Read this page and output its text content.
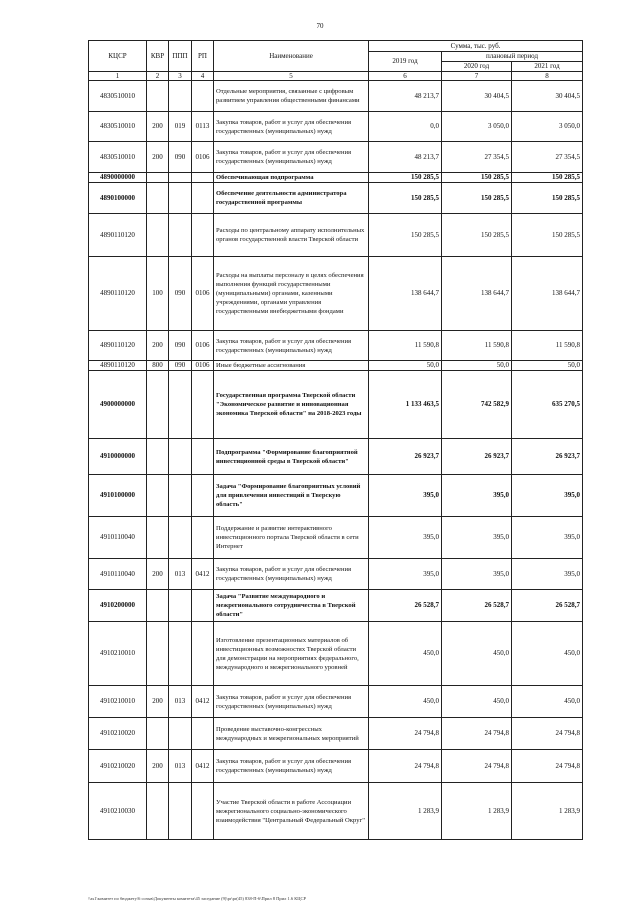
70
КЦСР	КВР	ППП	РП	Наименование	Сумма, тыс. руб.		
					2019 год	плановый период	
						2020 год	2021 год
1	2	3	4	5	6	7	8
4830510010				Отдельные мероприятия, связанные с цифровым развитием управления общественными финансами	48 213,7	30 404,5	30 404,5
4830510010	200	019	0113	Закупка товаров, работ и услуг для обеспечения государственных (муниципальных) нужд	0,0	3 050,0	3 050,0
4830510010	200	090	0106	Закупка товаров, работ и услуг для обеспечения государственных (муниципальных) нужд	48 213,7	27 354,5	27 354,5
4890000000				Обеспечивающая подпрограмма	150 285,5	150 285,5	150 285,5
4890100000				Обеспечение деятельности администратора государственной программы	150 285,5	150 285,5	150 285,5
4890110120				Расходы по центральному аппарату исполнительных органов государственной власти Тверской области	150 285,5	150 285,5	150 285,5
4890110120	100	090	0106	Расходы на выплаты персоналу в целях обеспечения выполнения функций государственными (муниципальными) органами, казенными учреждениями, органами управления государственными внебюджетными фондами	138 644,7	138 644,7	138 644,7
4890110120	200	090	0106	Закупка товаров, работ и услуг для обеспечения государственных (муниципальных) нужд	11 590,8	11 590,8	11 590,8
4890110120	800	090	0106	Иные бюджетные ассигнования	50,0	50,0	50,0
4900000000				Государственная программа Тверской области "Экономическое развитие и инновационная экономика Тверской области" на 2018-2023 годы	1 133 463,5	742 582,9	635 270,5
4910000000				Подпрограмма "Формирование благоприятной инвестиционной среды в Тверской области"	26 923,7	26 923,7	26 923,7
4910100000				Задача "Формирование благоприятных условий для привлечения инвестиций в Тверскую область"	395,0	395,0	395,0
4910110040				Поддержание и развитие интерактивного инвестиционного портала Тверской области в сети Интернет	395,0	395,0	395,0
4910110040	200	013	0412	Закупка товаров, работ и услуг для обеспечения государственных (муниципальных) нужд	395,0	395,0	395,0
4910200000				Задача "Развитие международного и межрегионального сотрудничества в Тверской области"	26 528,7	26 528,7	26 528,7
4910210010				Изготовление презентационных материалов об инвестиционных возможностях Тверской области для демонстрации на мероприятиях федерального, международного и межрегионального уровней	450,0	450,0	450,0
4910210010	200	013	0412	Закупка товаров, работ и услуг для обеспечения государственных (муниципальных) нужд	450,0	450,0	450,0
4910210020				Проведение выставочно-конгрессных международных и межрегиональных мероприятий	24 794,8	24 794,8	24 794,8
4910210020	200	013	0412	Закупка товаров, работ и услуг для обеспечения государственных (муниципальных) нужд	24 794,8	24 794,8	24 794,8
4910210030				Участие Тверской области в работе Ассоциации межрегионального социально-экономического взаимодействия "Центральный Федеральный Округ"	1 283,9	1 283,9	1 283,9
\\zs1\комитет по бюджету\6 созыв\Документы комитета\45 заседание (9)\pr\pr(45) 838-П-6\Прил 8 Прил 1.6 КЦСР
